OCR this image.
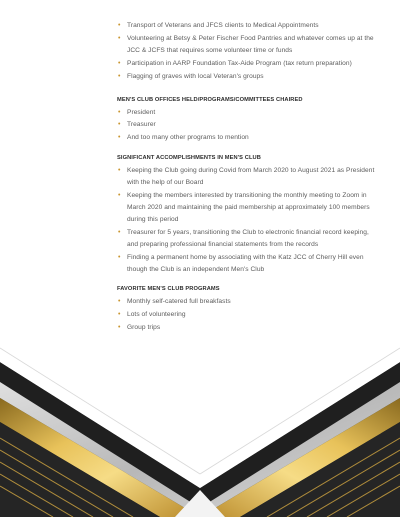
• Transport of Veterans and JFCS clients to Medical Appointments
• Volunteering at Betsy & Peter Fischer Food Pantries and whatever comes up at the JCC & JCFS that requires some volunteer time or funds
• Participation in AARP Foundation Tax-Aide Program (tax return preparation)
• Flagging of graves with local Veteran's groups
MEN'S CLUB OFFICES HELD/PROGRAMS/COMMITTEES CHAIRED
• President
• Treasurer
• And too many other programs to mention
SIGNIFICANT ACCOMPLISHMENTS IN MEN'S CLUB
• Keeping the Club going during Covid from March 2020 to August 2021 as President with the help of our Board
• Keeping the members interested by transitioning the monthly meeting to Zoom in March 2020 and maintaining the paid membership at approximately 100 members during this period
• Treasurer for 5 years, transitioning the Club to electronic financial record keeping, and preparing professional financial statements from the records
• Finding a permanent home by associating with the Katz JCC of Cherry Hill even though the Club is an independent Men's Club
FAVORITE MEN'S CLUB PROGRAMS
• Monthly self-catered full breakfasts
• Lots of volunteering
• Group trips
